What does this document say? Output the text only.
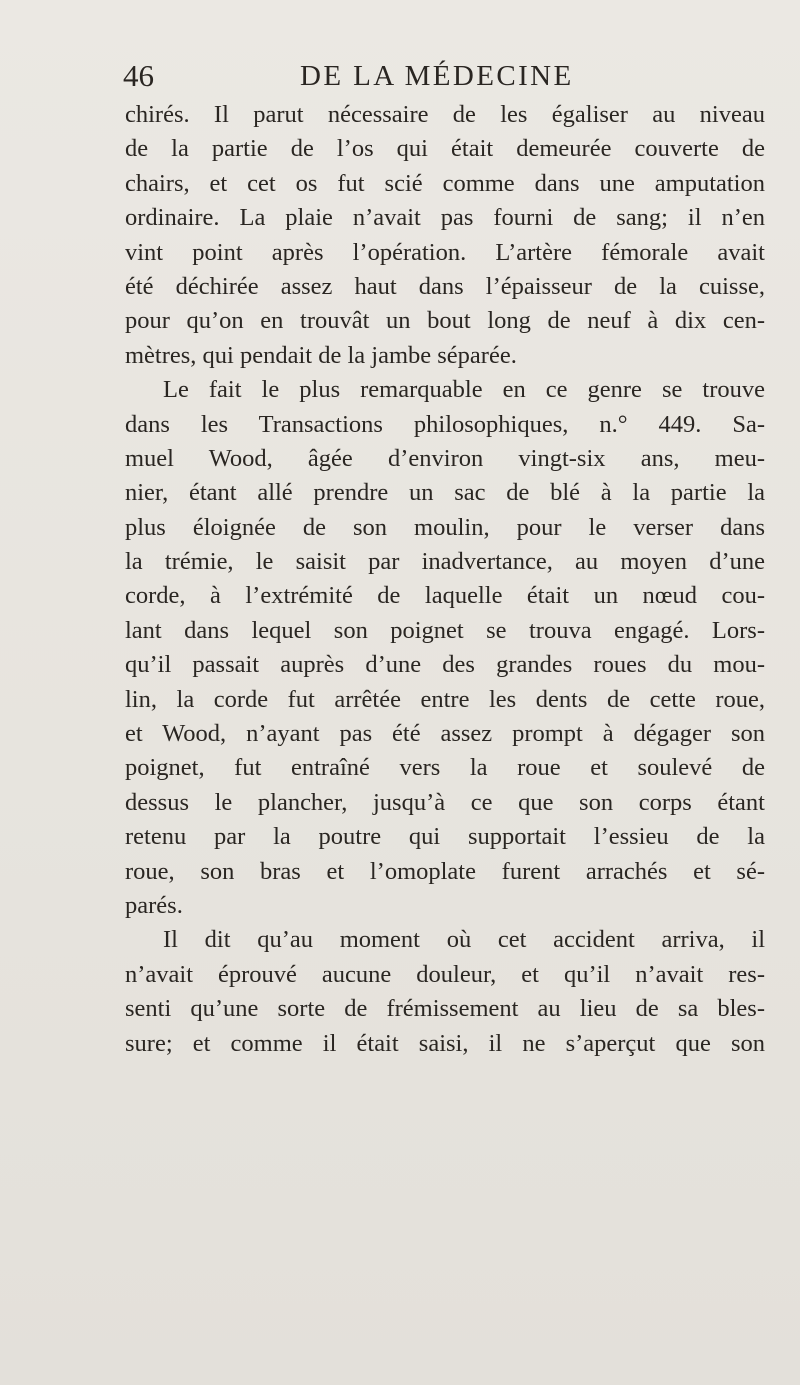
46	DE LA MÉDECINE

chirés. Il parut nécessaire de les égaliser au niveau
de la partie de l’os qui était demeurée couverte de
chairs, et cet os fut scié comme dans une amputation
ordinaire. La plaie n’avait pas fourni de sang; il n’en
vint point après l’opération. L’artère fémorale avait
été déchirée assez haut dans l’épaisseur de la cuisse,
pour qu’on en trouvât un bout long de neuf à dix cen-
mètres, qui pendait de la jambe séparée.

Le fait le plus remarquable en ce genre se trouve
dans les Transactions philosophiques, n.° 449. Sa-
muel Wood, âgée d’environ vingt-six ans, meu-
nier, étant allé prendre un sac de blé à la partie la
plus éloignée de son moulin, pour le verser dans
la trémie, le saisit par inadvertance, au moyen d’une
corde, à l’extrémité de laquelle était un nœud cou-
lant dans lequel son poignet se trouva engagé. Lors-
qu’il passait auprès d’une des grandes roues du mou-
lin, la corde fut arrêtée entre les dents de cette roue,
et Wood, n’ayant pas été assez prompt à dégager son
poignet, fut entraîné vers la roue et soulevé de
dessus le plancher, jusqu’à ce que son corps étant
retenu par la poutre qui supportait l’essieu de la
roue, son bras et l’omoplate furent arrachés et sé-
parés.

Il dit qu’au moment où cet accident arriva, il
n’avait éprouvé aucune douleur, et qu’il n’avait res-
senti qu’une sorte de frémissement au lieu de sa bles-
sure; et comme il était saisi, il ne s’aperçut que son
